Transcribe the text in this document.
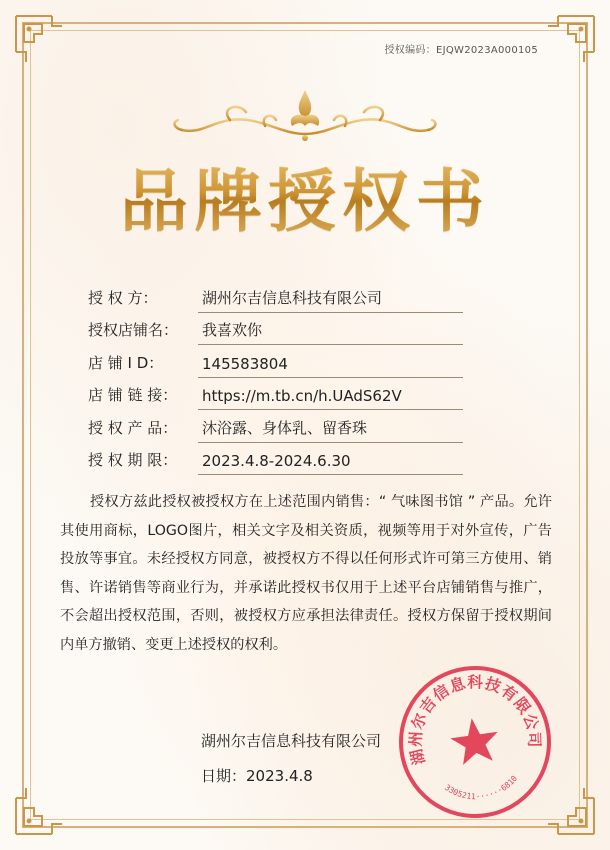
授权编码：EJQW2023A000105
品牌授权书
授 权 方：	湖州尔吉信息科技有限公司
授权店铺名：	我喜欢你
店 铺 I D：	145583804
店 铺 链 接：	https://m.tb.cn/h.UAdS62V
授 权 产 品：	沐浴露、身体乳、留香珠
授 权 期 限：	2023.4.8-2024.6.30
授权方兹此授权被授权方在上述范围内销售：“ 气味图书馆 ” 产品。允许其使用商标，LOGO图片，相关文字及相关资质，视频等用于对外宣传，广告投放等事宜。未经授权方同意，被授权方不得以任何形式许可第三方使用、销售、许诺销售等商业行为，并承诺此授权书仅用于上述平台店铺销售与推广，不会超出授权范围，否则，被授权方应承担法律责任。授权方保留于授权期间内单方撤销、变更上述授权的权利。
湖州尔吉信息科技有限公司
日期：2023.4.8
湖州尔吉信息科技有限公司
3305211······6810
